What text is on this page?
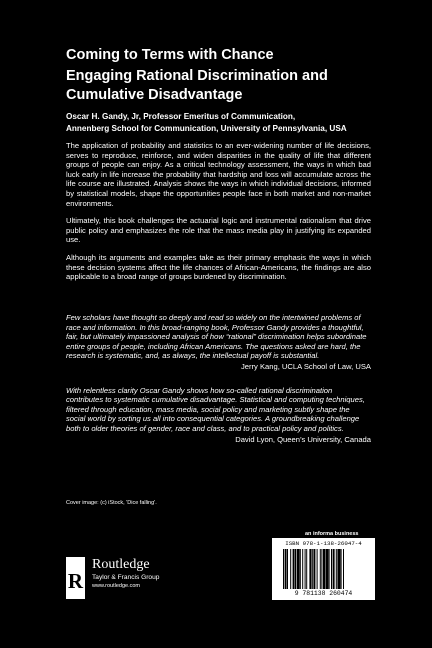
Coming to Terms with Chance
Engaging Rational Discrimination and Cumulative Disadvantage

Oscar H. Gandy, Jr, Professor Emeritus of Communication,

Annenberg School for Communication, University of Pennsylvania, USA

The application of probability and statistics to an ever-widening number of life decisions, serves to reproduce, reinforce, and widen disparities in the quality of life that different groups of people can enjoy. As a critical technology assessment, the ways in which bad luck early in life increase the probability that hardship and loss will accumulate across the life course are illustrated. Analysis shows the ways in which individual decisions, informed by statistical models, shape the opportunities people face in both market and non-market environments.

Ultimately, this book challenges the actuarial logic and instrumental rationalism that drive public policy and emphasizes the role that the mass media play in justifying its expanded use.

Although its arguments and examples take as their primary emphasis the ways in which these decision systems affect the life chances of African-Americans, the findings are also applicable to a broad range of groups burdened by discrimination.

Few scholars have thought so deeply and read so widely on the intertwined problems of race and information. In this broad-ranging book, Professor Gandy provides a thoughtful, fair, but ultimately impassioned analysis of how “rational” discrimination helps subordinate entire groups of people, including African Americans. The questions asked are hard, the research is systematic, and, as always, the intellectual payoff is substantial.

Jerry Kang, UCLA School of Law, USA

With relentless clarity Oscar Gandy shows how so-called rational discrimination contributes to systematic cumulative disadvantage. Statistical and computing techniques, filtered through education, mass media, social policy and marketing subtly shape the social world by sorting us all into consequential categories. A groundbreaking challenge both to older theories of gender, race and class, and to practical policy and politics.

David Lyon, Queen’s University, Canada

Cover image: (c) iStock, 'Dice falling'.
an informa business
R
Routledge
Taylor & Francis Group
www.routledge.com
ISBN 978-1-138-26047-4
9 781138 260474
